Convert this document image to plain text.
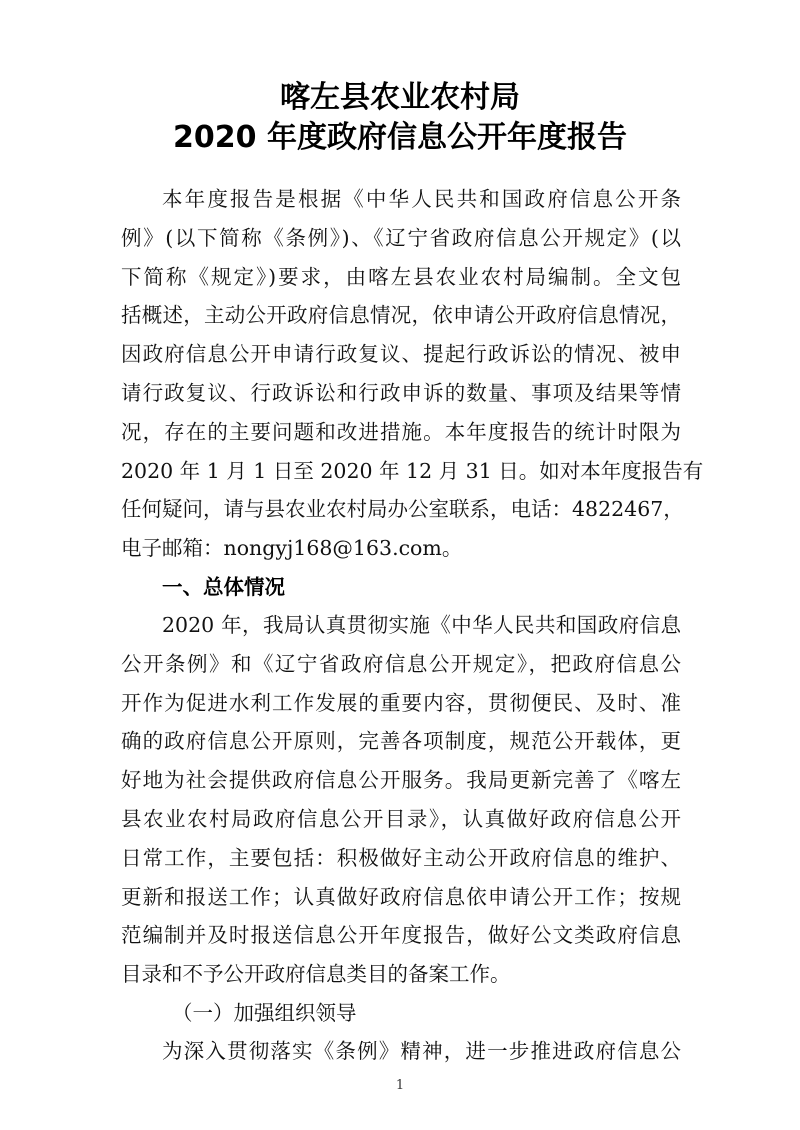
喀左县农业农村局
2020 年度政府信息公开年度报告
本年度报告是根据《中华人民共和国政府信息公开条
例》(以下简称《条例》)、《辽宁省政府信息公开规定》(以
下简称《规定》)要求，由喀左县农业农村局编制。全文包
括概述，主动公开政府信息情况，依申请公开政府信息情况，
因政府信息公开申请行政复议、提起行政诉讼的情况、被申
请行政复议、行政诉讼和行政申诉的数量、事项及结果等情
况，存在的主要问题和改进措施。本年度报告的统计时限为
2020 年 1 月 1 日至 2020 年 12 月 31 日。如对本年度报告有
任何疑问，请与县农业农村局办公室联系，电话：4822467，
电子邮箱：nongyj168@163.com。
一、总体情况
2020 年，我局认真贯彻实施《中华人民共和国政府信息
公开条例》和《辽宁省政府信息公开规定》，把政府信息公
开作为促进水利工作发展的重要内容，贯彻便民、及时、准
确的政府信息公开原则，完善各项制度，规范公开载体，更
好地为社会提供政府信息公开服务。我局更新完善了《喀左
县农业农村局政府信息公开目录》，认真做好政府信息公开
日常工作，主要包括：积极做好主动公开政府信息的维护、
更新和报送工作；认真做好政府信息依申请公开工作；按规
范编制并及时报送信息公开年度报告，做好公文类政府信息
目录和不予公开政府信息类目的备案工作。
（一）加强组织领导
为深入贯彻落实《条例》精神，进一步推进政府信息公
1
